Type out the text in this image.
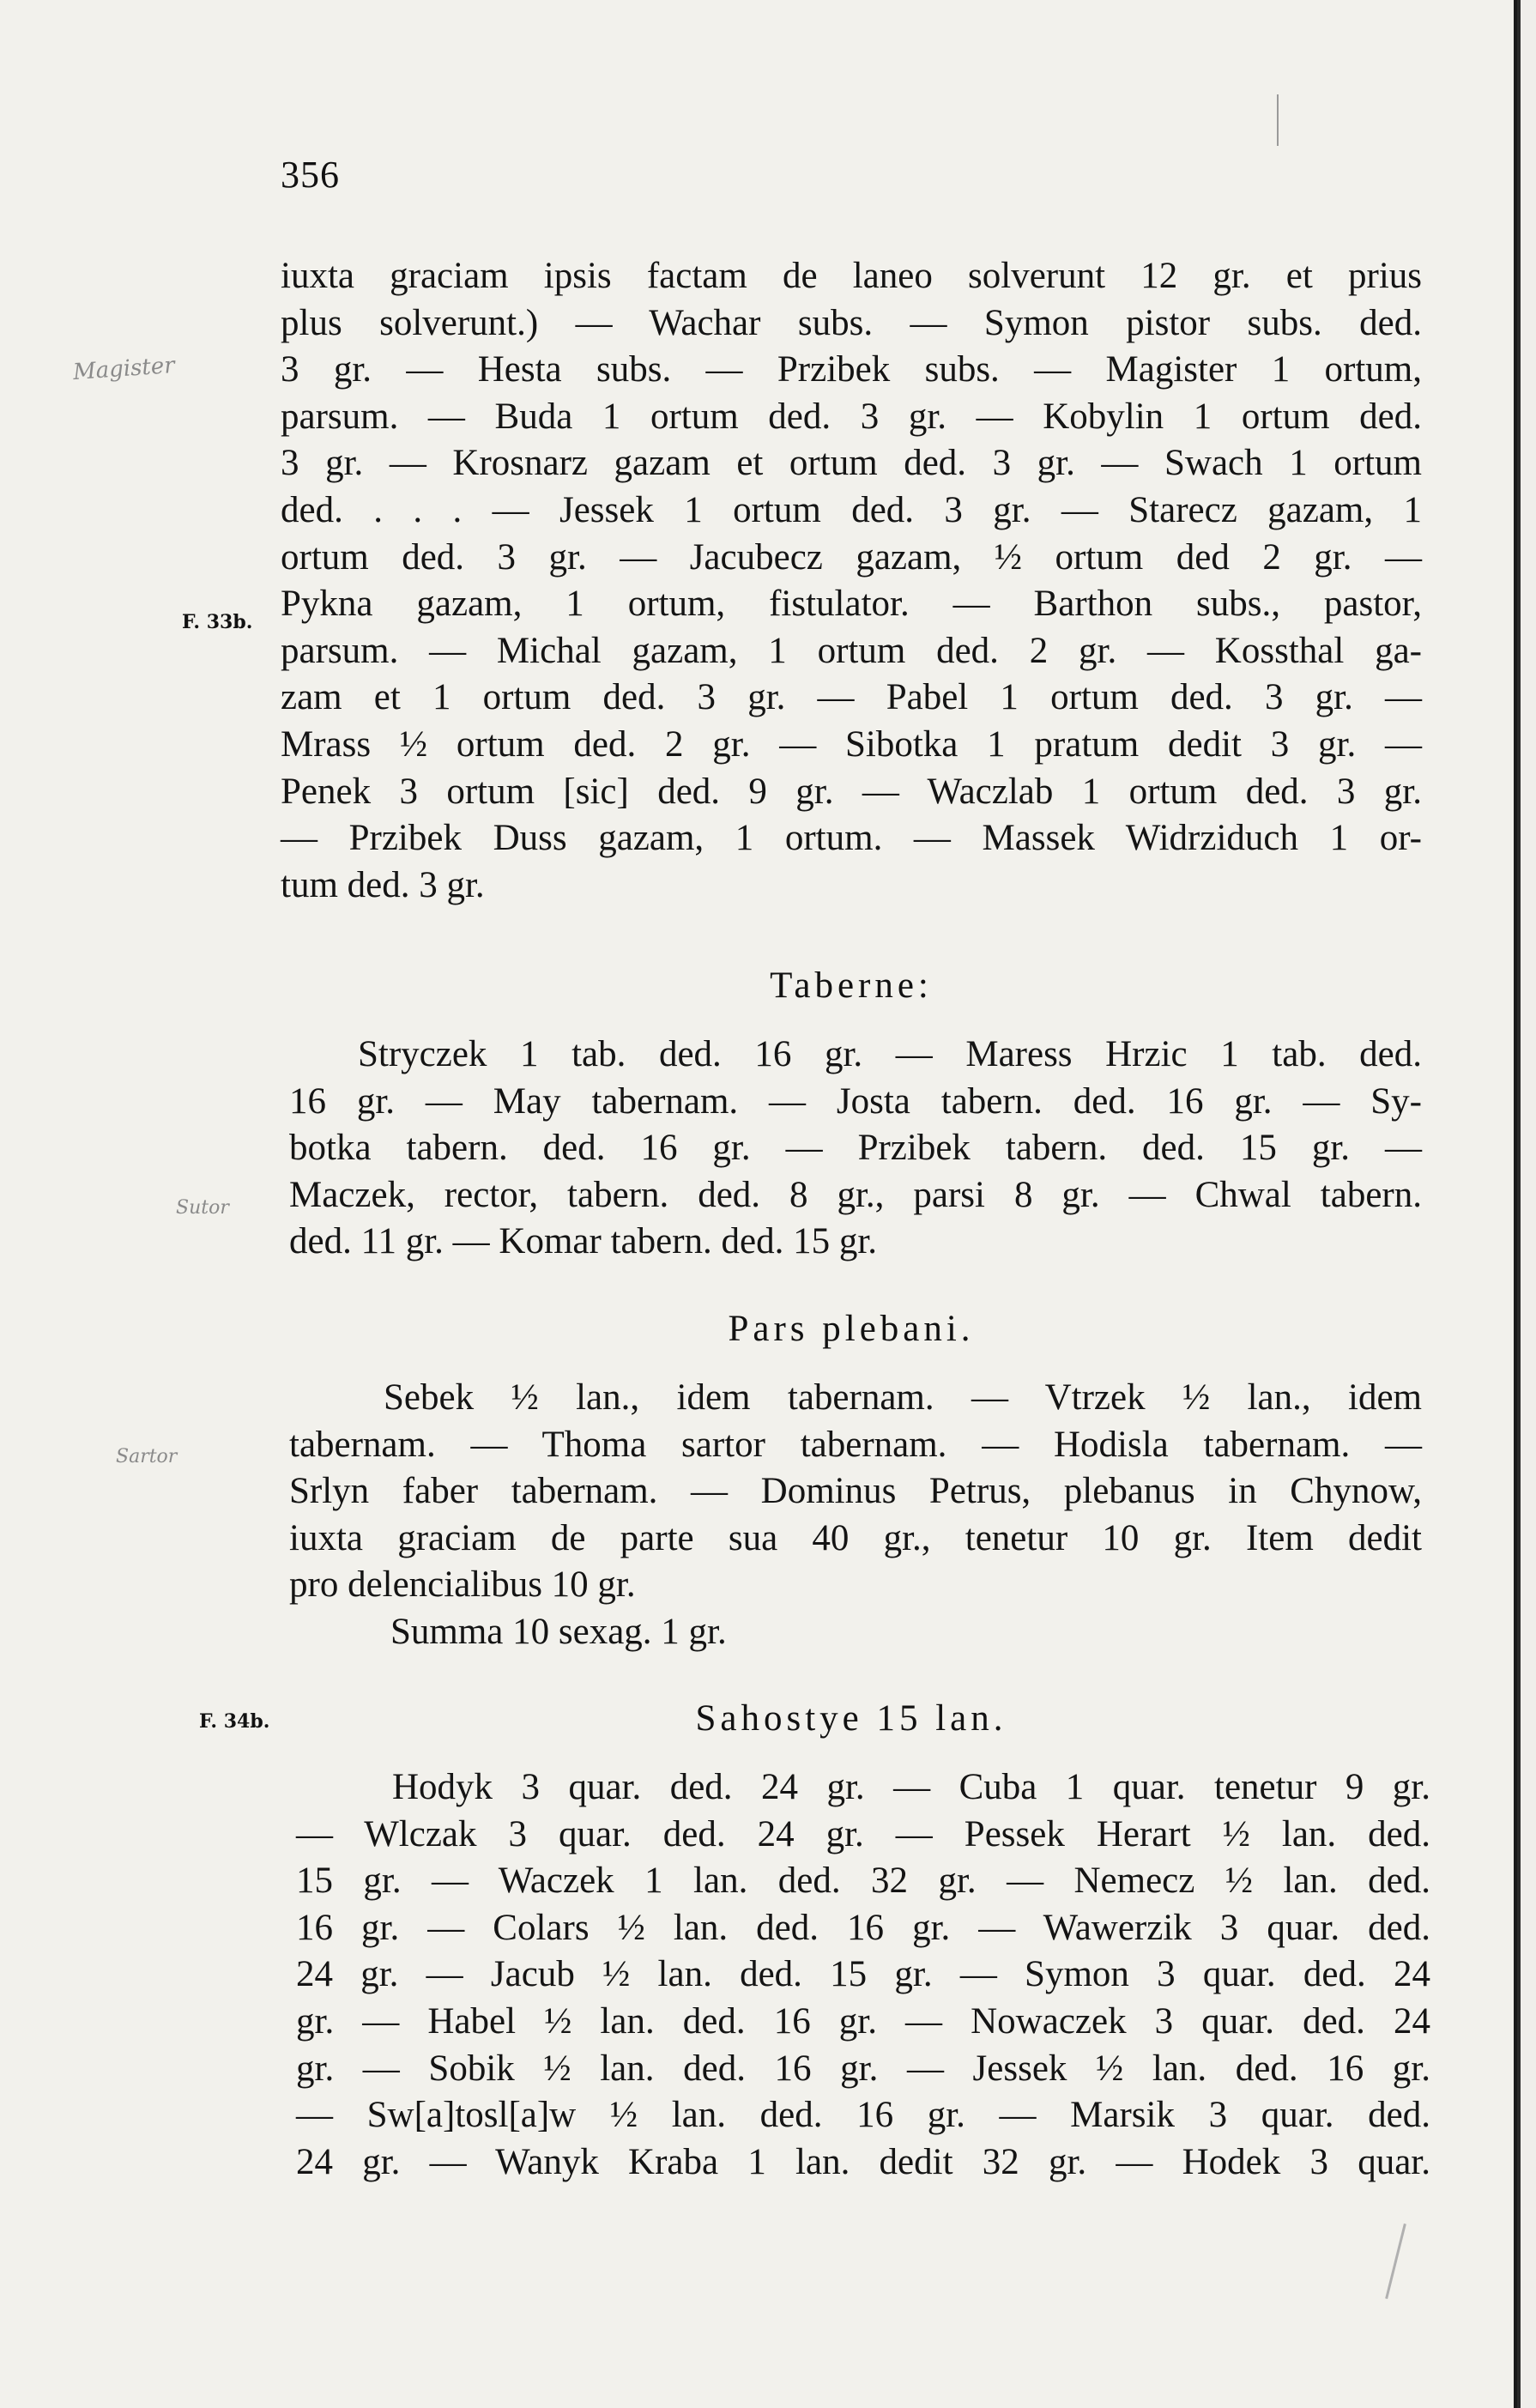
356
iuxta graciam ipsis factam de laneo solverunt 12 gr. et prius
plus solverunt.) — Wachar subs. — Symon pistor subs. ded.
3 gr. — Hesta subs. — Przibek subs. — Magister 1 ortum,
parsum. — Buda 1 ortum ded. 3 gr. — Kobylin 1 ortum ded.
3 gr. — Krosnarz gazam et ortum ded. 3 gr. — Swach 1 ortum
ded. . . . — Jessek 1 ortum ded. 3 gr. — Starecz gazam, 1
ortum ded. 3 gr. — Jacubecz gazam, ½ ortum ded 2 gr. —
Pykna gazam, 1 ortum, fistulator. — Barthon subs., pastor,
parsum. — Michal gazam, 1 ortum ded. 2 gr. — Kossthal ga-
zam et 1 ortum ded. 3 gr. — Pabel 1 ortum ded. 3 gr. —
Mrass ½ ortum ded. 2 gr. — Sibotka 1 pratum dedit 3 gr. —
Penek 3 ortum [sic] ded. 9 gr. — Waczlab 1 ortum ded. 3 gr.
— Przibek Duss gazam, 1 ortum. — Massek Widrziduch 1 or-
tum ded. 3 gr.
F. 33b.
Taberne:
Stryczek 1 tab. ded. 16 gr. — Maress Hrzic 1 tab. ded.
16 gr. — May tabernam. — Josta tabern. ded. 16 gr. — Sy-
botka tabern. ded. 16 gr. — Przibek tabern. ded. 15 gr. —
Maczek, rector, tabern. ded. 8 gr., parsi 8 gr. — Chwal tabern.
ded. 11 gr. — Komar tabern. ded. 15 gr.
Pars plebani.
Sebek ½ lan., idem tabernam. — Vtrzek ½ lan., idem
tabernam. — Thoma sartor tabernam. — Hodisla tabernam. —
Srlyn faber tabernam. — Dominus Petrus, plebanus in Chynow,
iuxta graciam de parte sua 40 gr., tenetur 10 gr. Item dedit
pro delencialibus 10 gr.
Summa 10 sexag. 1 gr.
F. 34b.	Sahostye 15 lan.
Hodyk 3 quar. ded. 24 gr. — Cuba 1 quar. tenetur 9 gr.
— Wlczak 3 quar. ded. 24 gr. — Pessek Herart ½ lan. ded.
15 gr. — Waczek 1 lan. ded. 32 gr. — Nemecz ½ lan. ded.
16 gr. — Colars ½ lan. ded. 16 gr. — Wawerzik 3 quar. ded.
24 gr. — Jacub ½ lan. ded. 15 gr. — Symon 3 quar. ded. 24
gr. — Habel ½ lan. ded. 16 gr. — Nowaczek 3 quar. ded. 24
gr. — Sobik ½ lan. ded. 16 gr. — Jessek ½ lan. ded. 16 gr.
— Sw[a]tosl[a]w ½ lan. ded. 16 gr. — Marsik 3 quar. ded.
24 gr. — Wanyk Kraba 1 lan. dedit 32 gr. — Hodek 3 quar.
Magister
Sutor
Sartor
